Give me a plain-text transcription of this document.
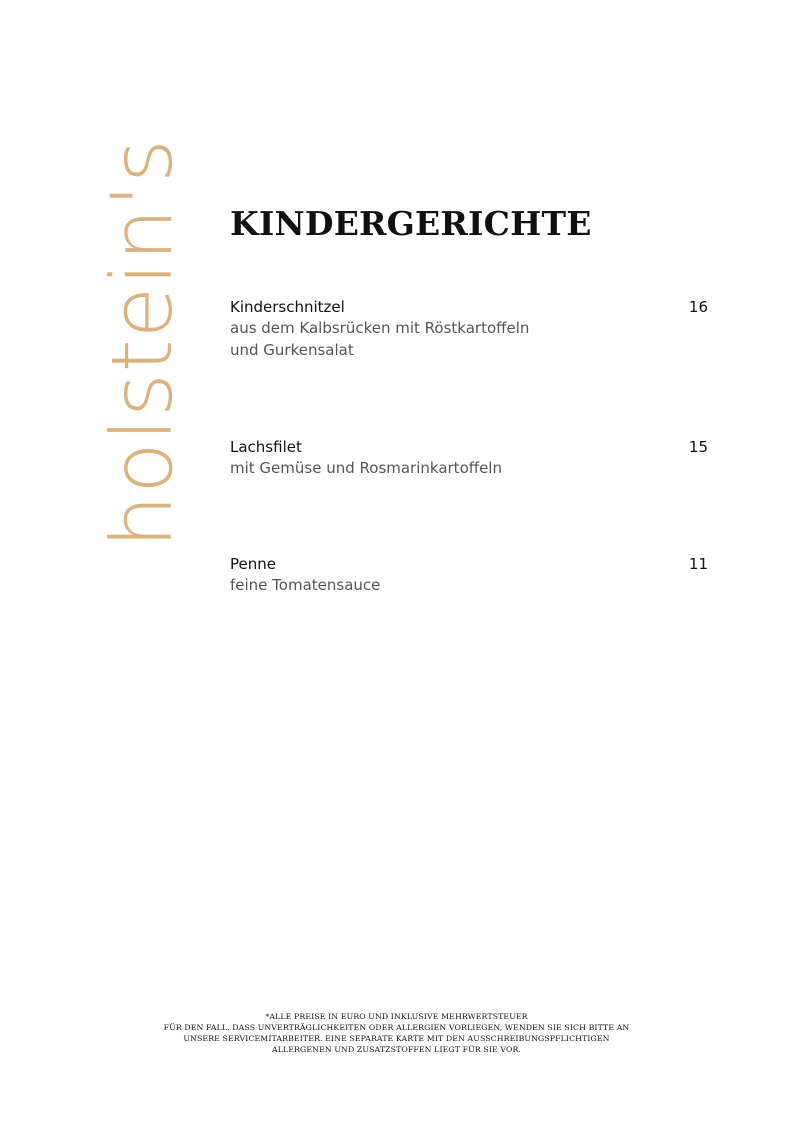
holstein's KINDERGERICHTE
Kinderschnitzel	16
aus dem Kalbsrücken mit Röstkartoffeln
und Gurkensalat
Lachsfilet	15
mit Gemüse und Rosmarinkartoffeln
Penne	11
feine Tomatensauce
*ALLE PREISE IN EURO UND INKLUSIVE MEHRWERTSTEUER
FÜR DEN FALL, DASS UNVERTRÄGLICHKEITEN ODER ALLERGIEN VORLIEGEN, WENDEN SIE SICH BITTE AN
UNSERE SERVICEMITARBEITER. EINE SEPARATE KARTE MIT DEN AUSSCHREIBUNGSPFLICHTIGEN
ALLERGENEN UND ZUSATZSTOFFEN LIEGT FÜR SIE VOR.
